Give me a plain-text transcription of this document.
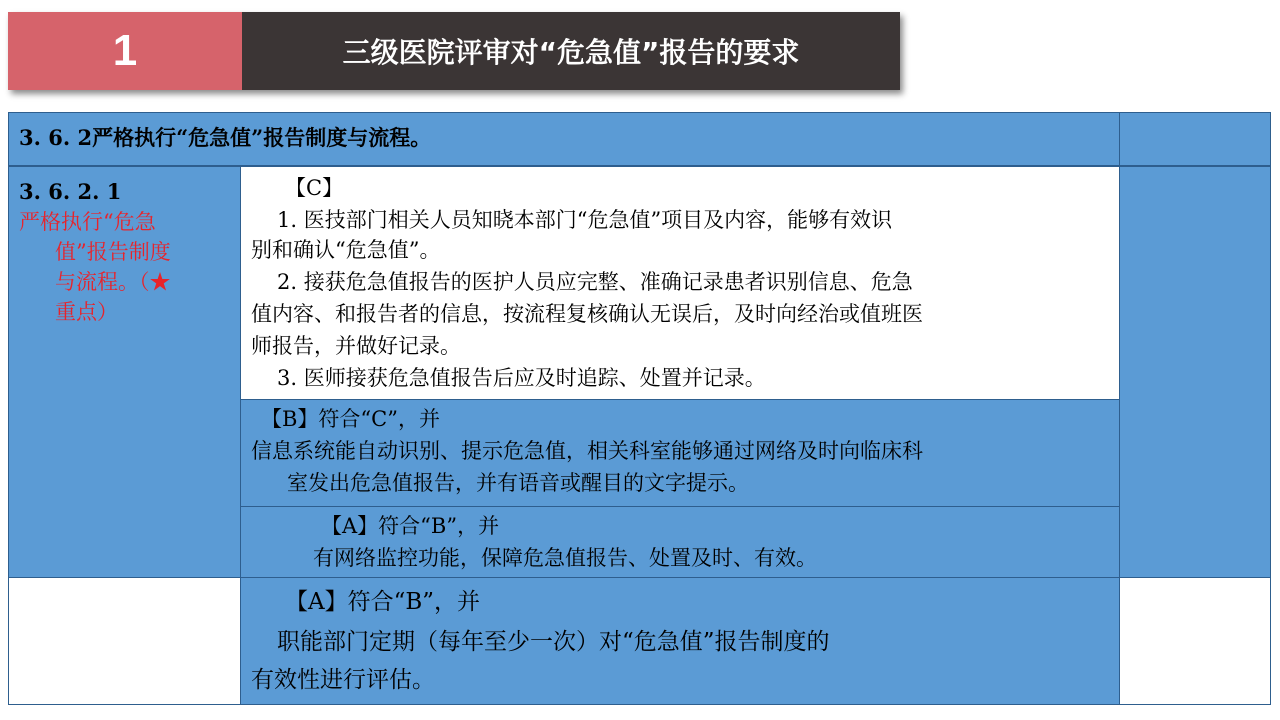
1	三级医院评审对“危急值”报告的要求
3. 6. 2严格执行“危急值”报告制度与流程。
3. 6. 2. 1
严格执行“危急
值”报告制度
与流程。（★
重点）
【C】
1. 医技部门相关人员知晓本部门“危急值”项目及内容，能够有效识
别和确认“危急值”。
2. 接获危急值报告的医护人员应完整、准确记录患者识别信息、危急
值内容、和报告者的信息，按流程复核确认无误后，及时向经治或值班医
师报告，并做好记录。
3. 医师接获危急值报告后应及时追踪、处置并记录。
【B】符合“C”，并
信息系统能自动识别、提示危急值，相关科室能够通过网络及时向临床科
室发出危急值报告，并有语音或醒目的文字提示。
【A】符合“B”，并
有网络监控功能，保障危急值报告、处置及时、有效。
【A】符合“B”，并
职能部门定期（每年至少一次）对“危急值”报告制度的
有效性进行评估。
